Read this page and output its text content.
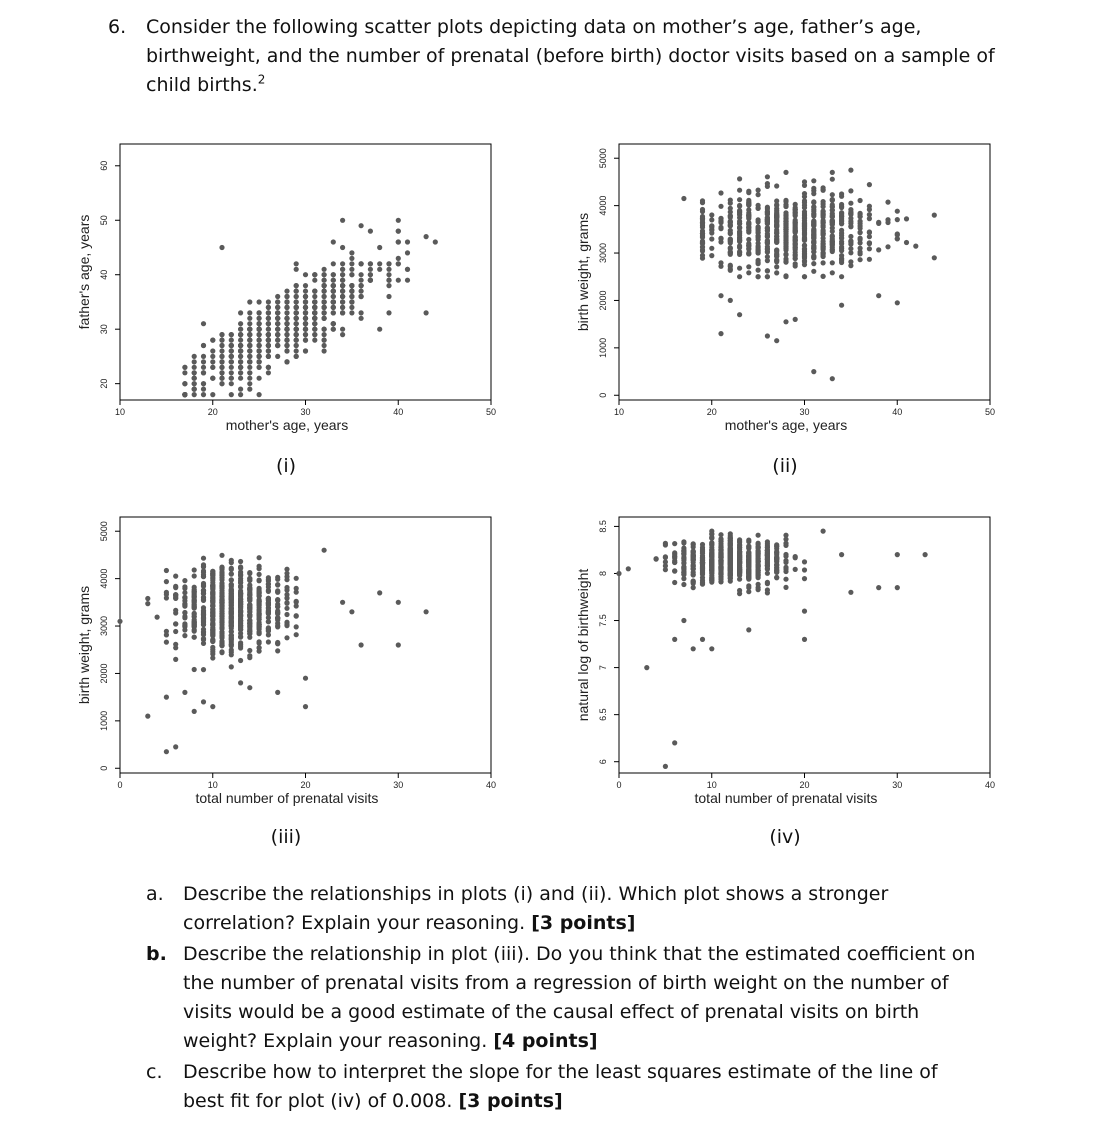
6. Consider the following scatter plots depicting data on mother’s age, father’s age, birthweight, and the number of prenatal (before birth) doctor visits based on a sample of child births.$^2$
10	20	30	40	50
20
30
40
50
60
mother's age, years
father's age, years
(i)
10	20	30	40	50
0
1000
2000
3000
4000
5000
mother's age, years
birth weight, grams
(ii)
0	10	20	30	40
0
1000
2000
3000
4000
5000
total number of prenatal visits
birth weight, grams
(iii)
0	10	20	30	40
6
6.5
7
7.5
8
8.5
total number of prenatal visits
natural log of birthweight
(iv)
a. Describe the relationships in plots (i) and (ii). Which plot shows a stronger correlation? Explain your reasoning. [3 points]
b. Describe the relationship in plot (iii). Do you think that the estimated coefficient on the number of prenatal visits from a regression of birth weight on the number of visits would be a good estimate of the causal effect of prenatal visits on birth weight? Explain your reasoning. [4 points]
c. Describe how to interpret the slope for the least squares estimate of the line of best fit for plot (iv) of 0.008. [3 points]
